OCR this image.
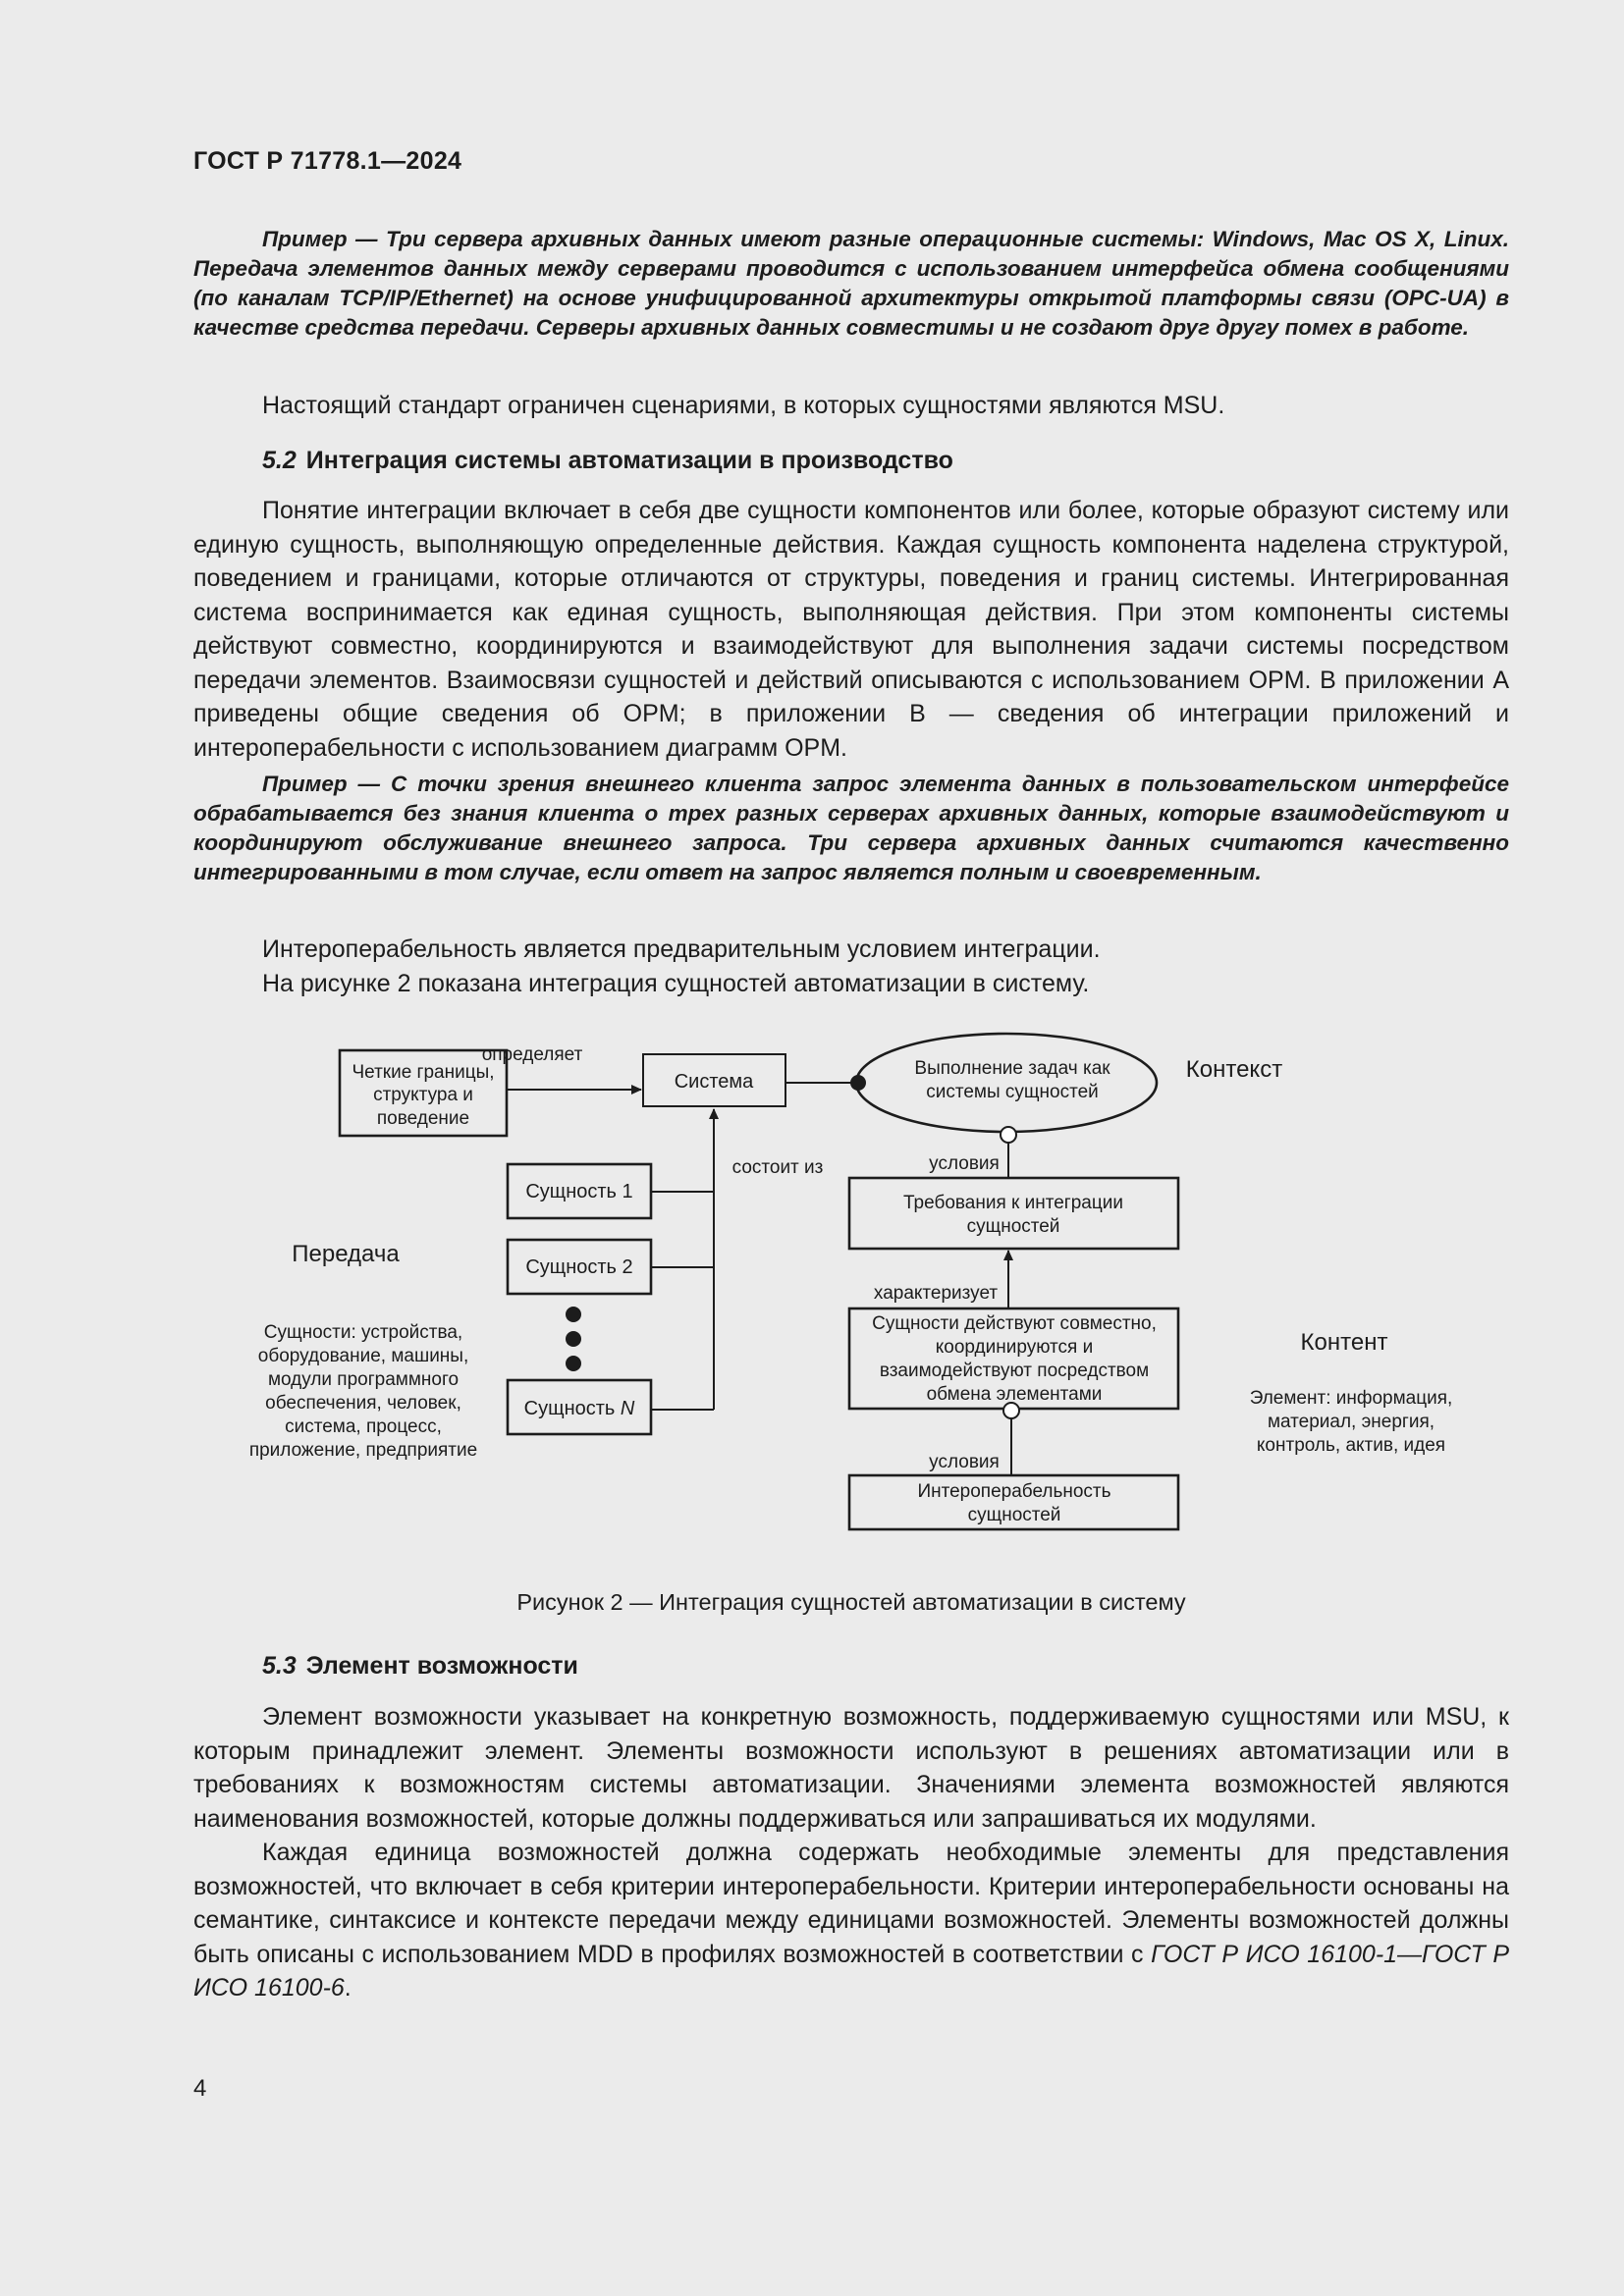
ГОСТ Р 71778.1—2024

Пример — Три сервера архивных данных имеют разные операционные системы: Windows, Mac OS X, Linux. Передача элементов данных между серверами проводится с использованием интерфейса обмена сообщениями (по каналам TCP/IP/Ethernet) на основе унифицированной архитектуры открытой платформы связи (OPC-UA) в качестве средства передачи. Серверы архивных данных совместимы и не создают друг другу помех в работе.

Настоящий стандарт ограничен сценариями, в которых сущностями являются MSU.

5.2 Интеграция системы автоматизации в производство

Понятие интеграции включает в себя две сущности компонентов или более, которые образуют систему или единую сущность, выполняющую определенные действия. Каждая сущность компонента наделена структурой, поведением и границами, которые отличаются от структуры, поведения и границ системы. Интегрированная система воспринимается как единая сущность, выполняющая действия. При этом компоненты системы действуют совместно, координируются и взаимодействуют для выполнения задачи системы посредством передачи элементов. Взаимосвязи сущностей и действий описываются с использованием OPM. В приложении А приведены общие сведения об OPM; в приложении В — сведения об интеграции приложений и интероперабельности с использованием диаграмм OPM.

Пример — С точки зрения внешнего клиента запрос элемента данных в пользовательском интерфейсе обрабатывается без знания клиента о трех разных серверах архивных данных, которые взаимодействуют и координируют обслуживание внешнего запроса. Три сервера архивных данных считаются качественно интегрированными в том случае, если ответ на запрос является полным и своевременным.

Интероперабельность является предварительным условием интеграции.

На рисунке 2 показана интеграция сущностей автоматизации в систему.

Четкие границы,
структура и
поведение
определяет
Система
Выполнение задач как
системы сущностей
Контекст
состоит из
Сущность 1
Сущность 2
Сущность N
Передача
Сущности: устройства,
оборудование, машины,
модули программного
обеспечения, человек,
система, процесс,
приложение, предприятие
условия
Требования к интеграции
сущностей
характеризует
Сущности действуют совместно,
координируются и
взаимодействуют посредством
обмена элементами
Контент
Элемент: информация,
материал, энергия,
контроль, актив, идея
условия
Интероперабельность
сущностей
Рисунок 2 — Интеграция сущностей автоматизации в систему
5.3 Элемент возможности

Элемент возможности указывает на конкретную возможность, поддерживаемую сущностями или MSU, к которым принадлежит элемент. Элементы возможности используют в решениях автоматизации или в требованиях к возможностям системы автоматизации. Значениями элемента возможностей являются наименования возможностей, которые должны поддерживаться или запрашиваться их модулями.

Каждая единица возможностей должна содержать необходимые элементы для представления возможностей, что включает в себя критерии интероперабельности. Критерии интероперабельности основаны на семантике, синтаксисе и контексте передачи между единицами возможностей. Элементы возможностей должны быть описаны с использованием MDD в профилях возможностей в соответствии с ГОСТ Р ИСО 16100-1—ГОСТ Р ИСО 16100-6.

4
